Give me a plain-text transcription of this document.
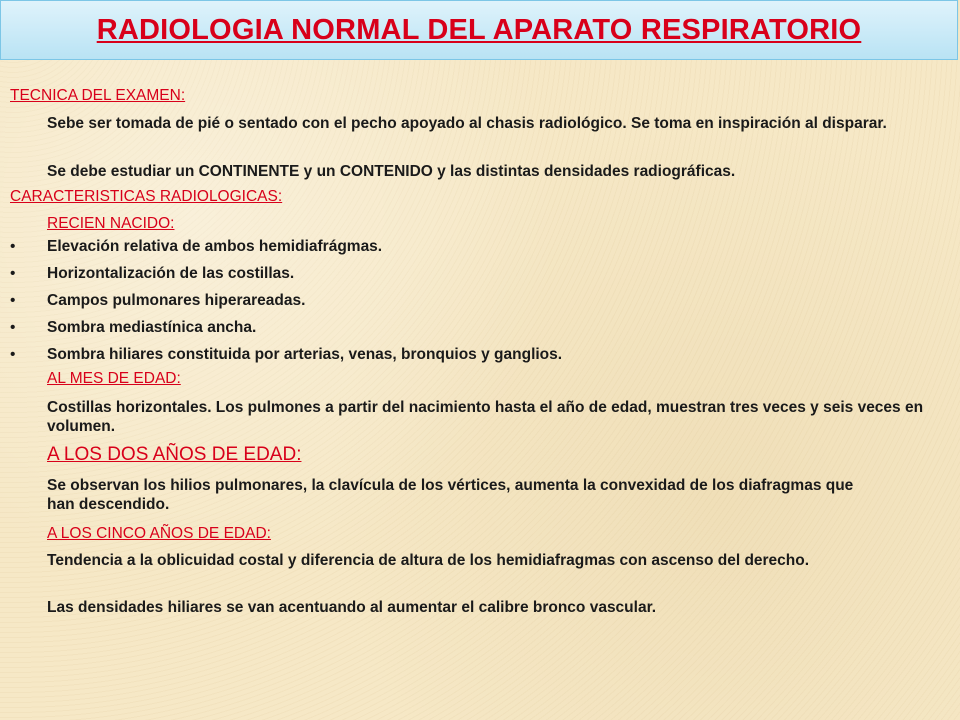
RADIOLOGIA NORMAL DEL APARATO RESPIRATORIO
TECNICA DEL EXAMEN:
Sebe ser tomada de pié o sentado con el pecho apoyado al chasis radiológico. Se toma en inspiración al disparar.
Se debe estudiar un CONTINENTE y un CONTENIDO y las distintas densidades radiográficas.
CARACTERISTICAS RADIOLOGICAS:
RECIEN NACIDO:
• Elevación relativa de ambos hemidiafrágmas.
• Horizontalización de las costillas.
• Campos pulmonares hiperareadas.
• Sombra mediastínica ancha.
• Sombra hiliares constituida por arterias, venas, bronquios y ganglios.
AL MES DE EDAD:
Costillas horizontales. Los pulmones a partir del nacimiento hasta el año de edad, muestran tres veces y seis veces en volumen.
A LOS DOS AÑOS DE EDAD:
Se observan los hilios pulmonares, la clavícula de los vértices, aumenta la convexidad de los diafragmas que han descendido.
A LOS CINCO AÑOS DE EDAD:
Tendencia a la oblicuidad costal y diferencia de altura de los hemidiafragmas con ascenso del derecho.
Las densidades hiliares se van acentuando al aumentar el calibre bronco vascular.
